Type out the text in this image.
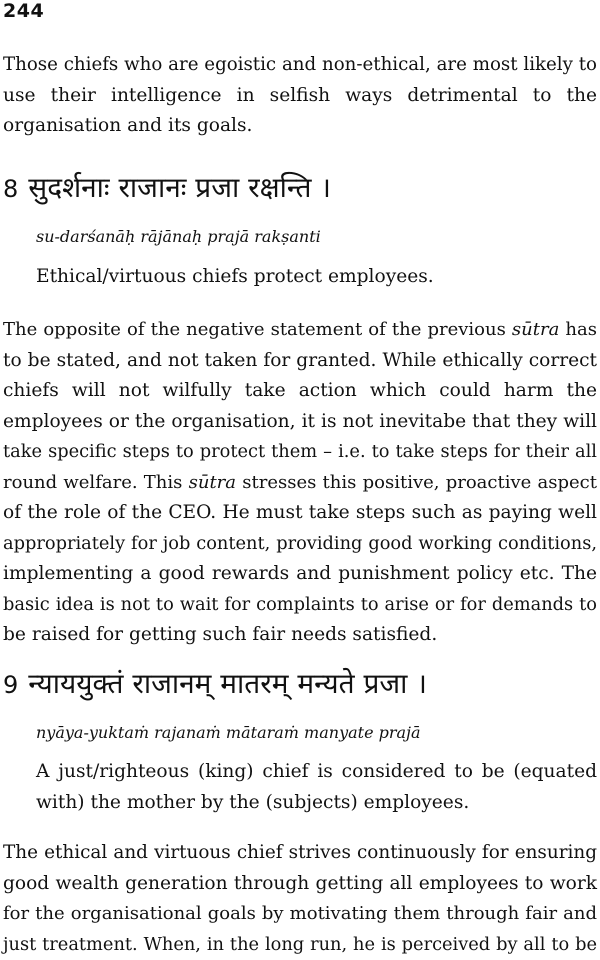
244
Those chiefs who are egoistic and non-ethical, are most likely to
use their intelligence in selfish ways detrimental to the
organisation and its goals.
8 सुदर्शनाः राजानः प्रजा रक्षन्ति ।
su-darśanāḥ rājānaḥ prajā rakṣanti
Ethical/virtuous chiefs protect employees.
The opposite of the negative statement of the previous sūtra has
to be stated, and not taken for granted. While ethically correct
chiefs will not wilfully take action which could harm the
employees or the organisation, it is not inevitabe that they will
take specific steps to protect them – i.e. to take steps for their all
round welfare. This sūtra stresses this positive, proactive aspect
of the role of the CEO. He must take steps such as paying well
appropriately for job content, providing good working conditions,
implementing a good rewards and punishment policy etc. The
basic idea is not to wait for complaints to arise or for demands to
be raised for getting such fair needs satisfied.
9 न्याययुक्तं राजानम् मातरम् मन्यते प्रजा ।
nyāya-yuktaṁ rajanaṁ mātaraṁ manyate prajā
A just/righteous (king) chief is considered to be (equated
with) the mother by the (subjects) employees.
The ethical and virtuous chief strives continuously for ensuring
good wealth generation through getting all employees to work
for the organisational goals by motivating them through fair and
just treatment. When, in the long run, he is perceived by all to be
